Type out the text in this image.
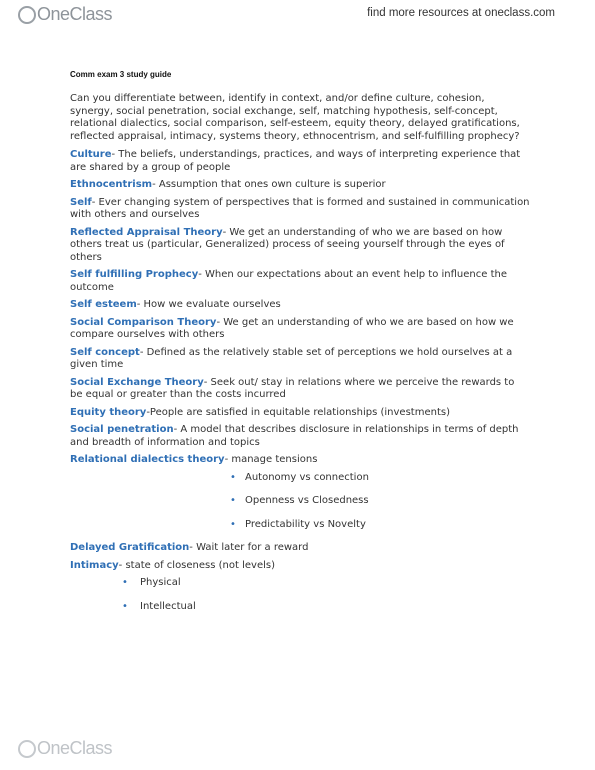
OneClass	find more resources at oneclass.com

Comm exam 3 study guide

Can you differentiate between, identify in context, and/or define culture, cohesion, synergy, social penetration, social exchange, self, matching hypothesis, self-concept, relational dialectics, social comparison, self-esteem, equity theory, delayed gratifications, reflected appraisal, intimacy, systems theory, ethnocentrism, and self-fulfilling prophecy?

Culture- The beliefs, understandings, practices, and ways of interpreting experience that are shared by a group of people

Ethnocentrism- Assumption that ones own culture is superior

Self- Ever changing system of perspectives that is formed and sustained in communication with others and ourselves

Reflected Appraisal Theory- We get an understanding of who we are based on how others treat us (particular, Generalized) process of seeing yourself through the eyes of others

Self fulfilling Prophecy- When our expectations about an event help to influence the outcome

Self esteem- How we evaluate ourselves

Social Comparison Theory- We get an understanding of who we are based on how we compare ourselves with others

Self concept- Defined as the relatively stable set of perceptions we hold ourselves at a given time

Social Exchange Theory- Seek out/ stay in relations where we perceive the rewards to be equal or greater than the costs incurred

Equity theory-People are satisfied in equitable relationships (investments)

Social penetration- A model that describes disclosure in relationships in terms of depth and breadth of information and topics

Relational dialectics theory- manage tensions

• Autonomy vs connection
• Openness vs Closedness
• Predictability vs Novelty

Delayed Gratification- Wait later for a reward

Intimacy- state of closeness (not levels)

• Physical
• Intellectual
OneClass
